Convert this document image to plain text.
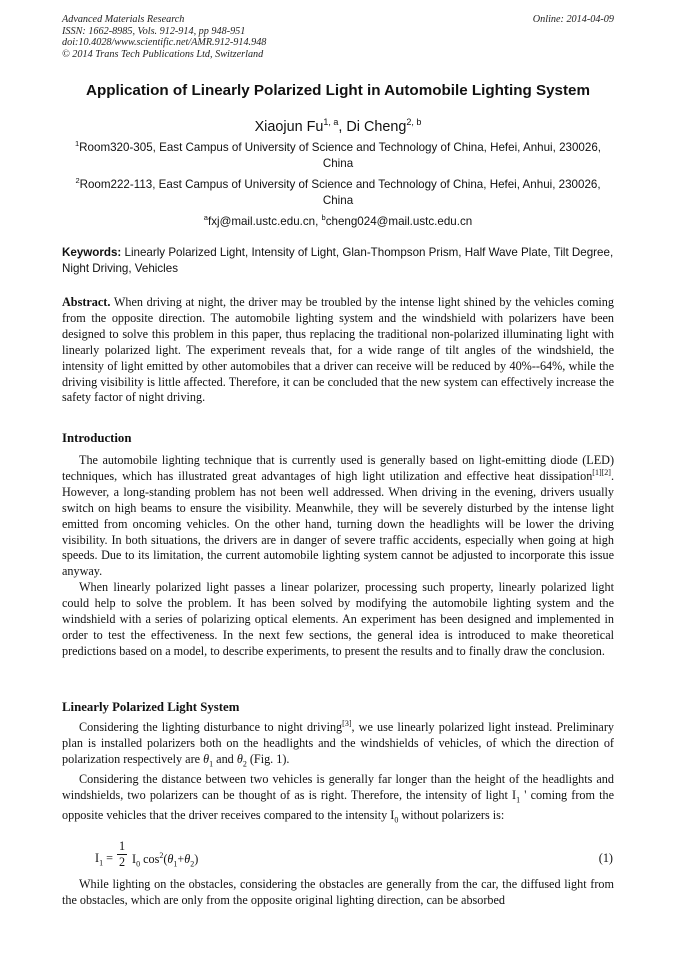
Advanced Materials Research
ISSN: 1662-8985, Vols. 912-914, pp 948-951
doi:10.4028/www.scientific.net/AMR.912-914.948
© 2014 Trans Tech Publications Ltd, Switzerland
Online: 2014-04-09
Application of Linearly Polarized Light in Automobile Lighting System
Xiaojun Fu$^{1, a}$, Di Cheng$^{2, b}$
$^1$Room320-305, East Campus of University of Science and Technology of China, Hefei, Anhui, 230026, China
$^2$Room222-113, East Campus of University of Science and Technology of China, Hefei, Anhui, 230026, China
$^a$fxj@mail.ustc.edu.cn, $^b$cheng024@mail.ustc.edu.cn
Keywords: Linearly Polarized Light, Intensity of Light, Glan-Thompson Prism, Half Wave Plate, Tilt Degree, Night Driving, Vehicles
Abstract. When driving at night, the driver may be troubled by the intense light shined by the vehicles coming from the opposite direction. The automobile lighting system and the windshield with polarizers have been designed to solve this problem in this paper, thus replacing the traditional non-polarized illuminating light with linearly polarized light. The experiment reveals that, for a wide range of tilt angles of the windshield, the intensity of light emitted by other automobiles that a driver can receive will be reduced by 40%--64%, while the driving visibility is little affected. Therefore, it can be concluded that the new system can effectively increase the safety factor of night driving.
Introduction

The automobile lighting technique that is currently used is generally based on light-emitting diode (LED) techniques, which has illustrated great advantages of high light utilization and effective heat dissipation[1][2]. However, a long-standing problem has not been well addressed. When driving in the evening, drivers usually switch on high beams to ensure the visibility. Meanwhile, they will be severely disturbed by the intense light emitted from oncoming vehicles. On the other hand, turning down the headlights will be lower the driving visibility. In both situations, the drivers are in danger of severe traffic accidents, especially when going at high speeds. Due to its limitation, the current automobile lighting system cannot be adjusted to incorporate this issue anyway.

When linearly polarized light passes a linear polarizer, processing such property, linearly polarized light could help to solve the problem. It has been solved by modifying the automobile lighting system and the windshield with a series of polarizing optical elements. An experiment has been designed and implemented in order to test the effectiveness. In the next few sections, the general idea is introduced to make theoretical predictions based on a model, to describe experiments, to present the results and to finally draw the conclusion.

Linearly Polarized Light System

Considering the lighting disturbance to night driving[3], we use linearly polarized light instead. Preliminary plan is installed polarizers both on the headlights and the windshields of vehicles, of which the direction of polarization respectively are $\theta_1$ and $\theta_2$ (Fig. 1).

Considering the distance between two vehicles is generally far longer than the height of the headlights and windshields, two polarizers can be thought of as is right. Therefore, the intensity of light $I_1$ ' coming from the opposite vehicles that the driver receives compared to the intensity $I_0$ without polarizers is:

$I_1$ =
1
2 $I_0$ $\cos^2(\theta_1+\theta_2)$	(1)

While lighting on the obstacles, considering the obstacles are generally from the car, the diffused light from the obstacles, which are only from the opposite original lighting direction, can be absorbed
